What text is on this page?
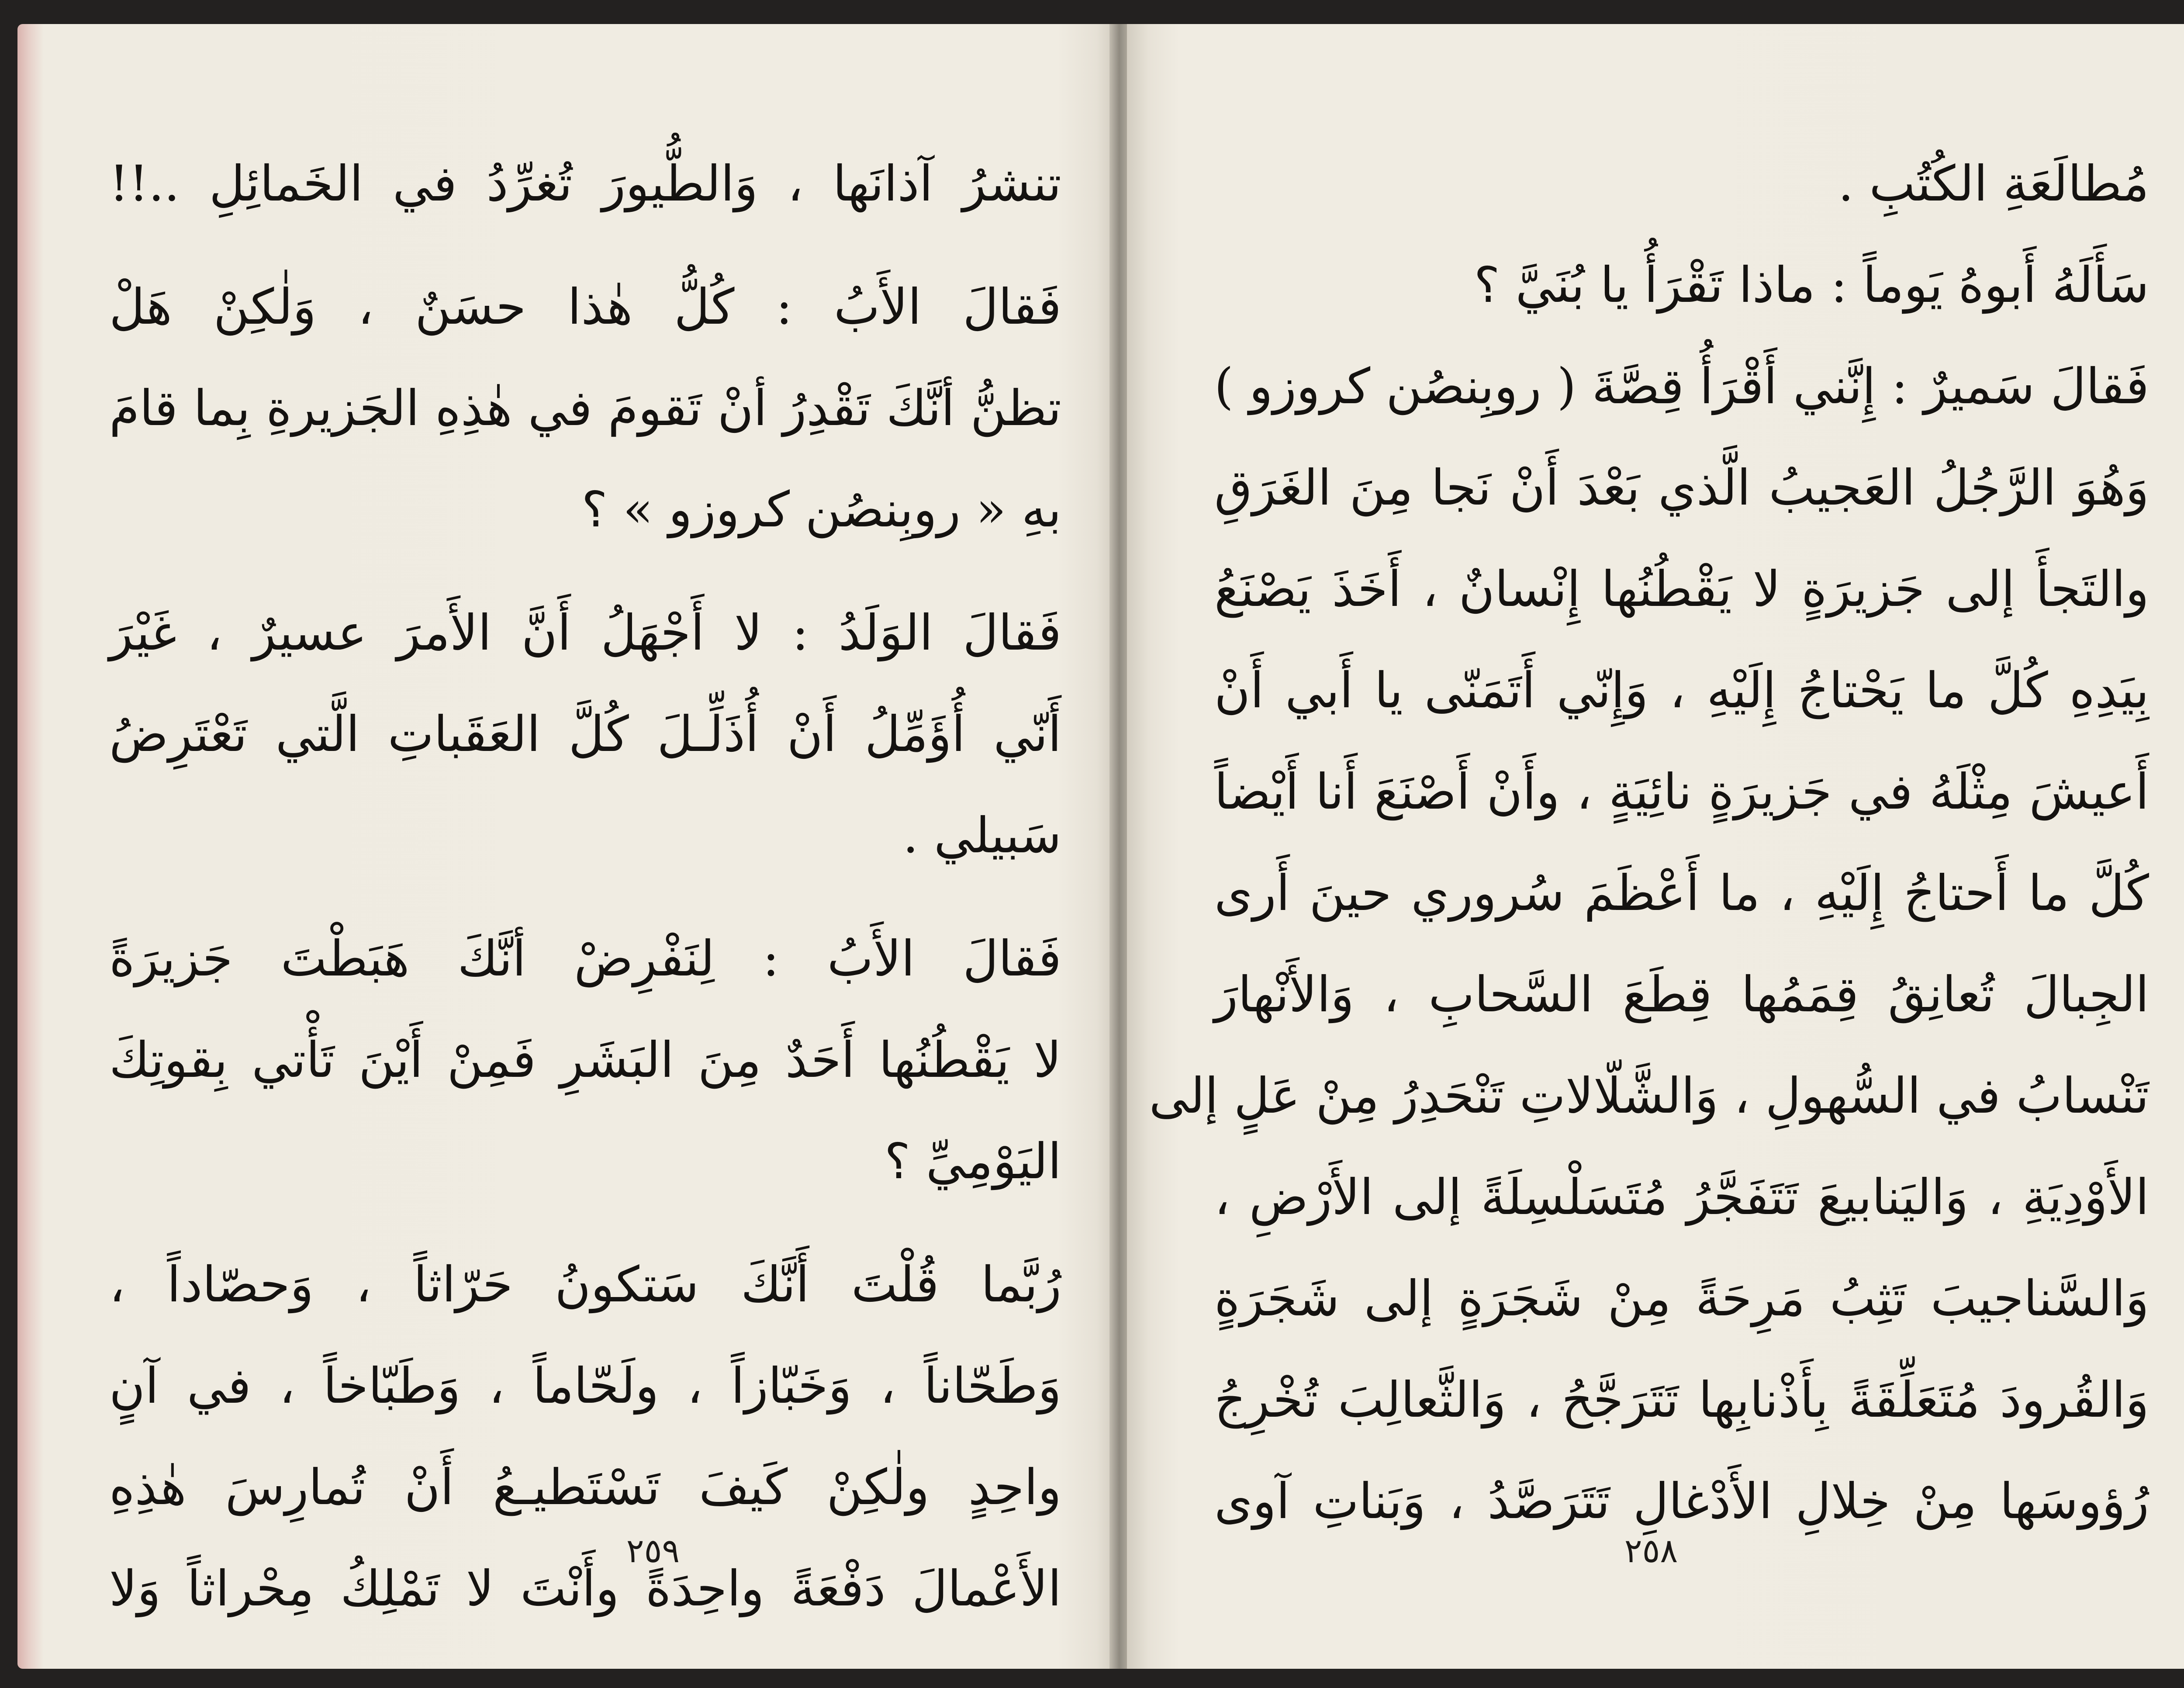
تنشرُ آذانَها ، وَالطُّيورَ تُغرِّدُ في الخَمائِلِ ..!!
فَقالَ الأَبُ : كُلُّ هٰذا حسَنٌ ، وَلٰكِنْ هَلْ
تظنُّ أنَّكَ تَقْدِرُ أنْ تَقومَ في هٰذِهِ الجَزيرةِ بِما قامَ
بهِ « روبِنصُن كروزو » ؟
فَقالَ الوَلَدُ : لا أَجْهَلُ أَنَّ الأَمرَ عسيرٌ ، غَيْرَ
أَنّي أُؤَمِّلُ أَنْ أُذَلِّـلَ كُلَّ العَقَباتِ الَّتي تَعْتَرِضُ
سَبيلي .
فَقالَ الأَبُ : لِنَفْرِضْ أنَّكَ هَبَطْتَ جَزيرَةً
لا يَقْطُنُها أَحَدٌ مِنَ البَشَرِ فَمِنْ أَيْنَ تَأْتي بِقوتِكَ
اليَوْمِيِّ ؟
رُبَّما قُلْتَ أَنَّكَ سَتكونُ حَرّاثاً ، وَحصّاداً ،
وَطَحّاناً ، وَخَبّازاً ، ولَحّاماً ، وَطَبّاخاً ، في آنٍ
واحِدٍ ولٰكِنْ كَيفَ تَسْتَطيـعُ أَنْ تُمارِسَ هٰذِهِ
الأَعْمالَ دَفْعَةً واحِدَةً وأَنْتَ لا تَمْلِكُ مِحْراثاً وَلا
٢٥٩
مُطالَعَةِ الكُتُبِ .
سَأَلَهُ أَبوهُ يَوماً : ماذا تَقْرَأُ يا بُنَيَّ ؟
فَقالَ سَميرٌ : إِنَّني أَقْرَأُ قِصَّةَ ( روبِنصُن كروزو )
وَهُوَ الرَّجُلُ العَجيبُ الَّذي بَعْدَ أَنْ نَجا مِنَ الغَرَقِ
والتَجأَ إلى جَزيرَةٍ لا يَقْطُنُها إِنْسانٌ ، أَخَذَ يَصْنَعُ
بِيَدِهِ كُلَّ ما يَحْتاجُ إِلَيْهِ ، وَإِنّي أَتَمَنّى يا أَبي أَنْ
أَعيشَ مِثْلَهُ في جَزيرَةٍ نائِيَةٍ ، وأَنْ أَصْنَعَ أَنا أَيْضاً
كُلَّ ما أَحتاجُ إِلَيْهِ ، ما أَعْظَمَ سُروري حينَ أَرى
الجِبالَ تُعانِقُ قِمَمُها قِطَعَ السَّحابِ ، وَالأَنْهارَ
تَنْسابُ في السُّهولِ ، وَالشَّلّالاتِ تَنْحَدِرُ مِنْ عَلٍ إلى
الأَوْدِيَةِ ، وَاليَنابيعَ تَتَفَجَّرُ مُتَسَلْسِلَةً إلى الأَرْضِ ،
وَالسَّناجيبَ تَثِبُ مَرِحَةً مِنْ شَجَرَةٍ إلى شَجَرَةٍ
وَالقُرودَ مُتَعَلِّقَةً بِأَذْنابِها تَتَرَجَّحُ ، وَالثَّعالِبَ تُخْرِجُ
رُؤوسَها مِنْ خِلالِ الأَدْغالِ تَتَرَصَّدُ ، وَبَناتِ آوى
٢٥٨
